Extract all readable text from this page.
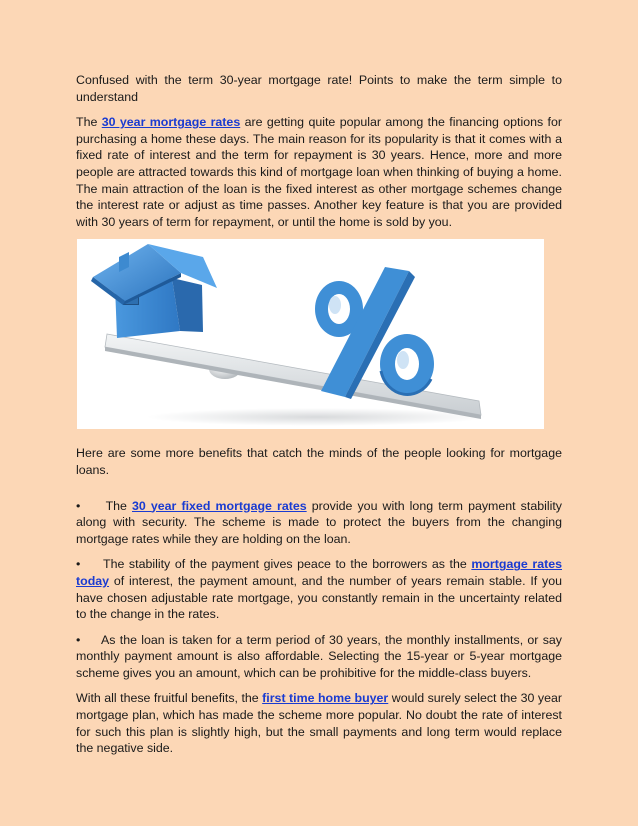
Confused with the term 30-year mortgage rate! Points to make the term simple to understand

The 30 year mortgage rates are getting quite popular among the financing options for purchasing a home these days. The main reason for its popularity is that it comes with a fixed rate of interest and the term for repayment is 30 years. Hence, more and more people are attracted towards this kind of mortgage loan when thinking of buying a home. The main attraction of the loan is the fixed interest as other mortgage schemes change the interest rate or adjust as time passes. Another key feature is that you are provided with 30 years of term for repayment, or until the home is sold by you.

Here are some more benefits that catch the minds of the people looking for mortgage loans.

•     The 30 year fixed mortgage rates provide you with long term payment stability along with security. The scheme is made to protect the buyers from the changing mortgage rates while they are holding on the loan.

•     The stability of the payment gives peace to the borrowers as the mortgage rates today of interest, the payment amount, and the number of years remain stable. If you have chosen adjustable rate mortgage, you constantly remain in the uncertainty related to the change in the rates.

•     As the loan is taken for a term period of 30 years, the monthly installments, or say monthly payment amount is also affordable. Selecting the 15-year or 5-year mortgage scheme gives you an amount, which can be prohibitive for the middle-class buyers.

With all these fruitful benefits, the first time home buyer would surely select the 30 year mortgage plan, which has made the scheme more popular. No doubt the rate of interest for such this plan is slightly high, but the small payments and long term would replace the negative side.
